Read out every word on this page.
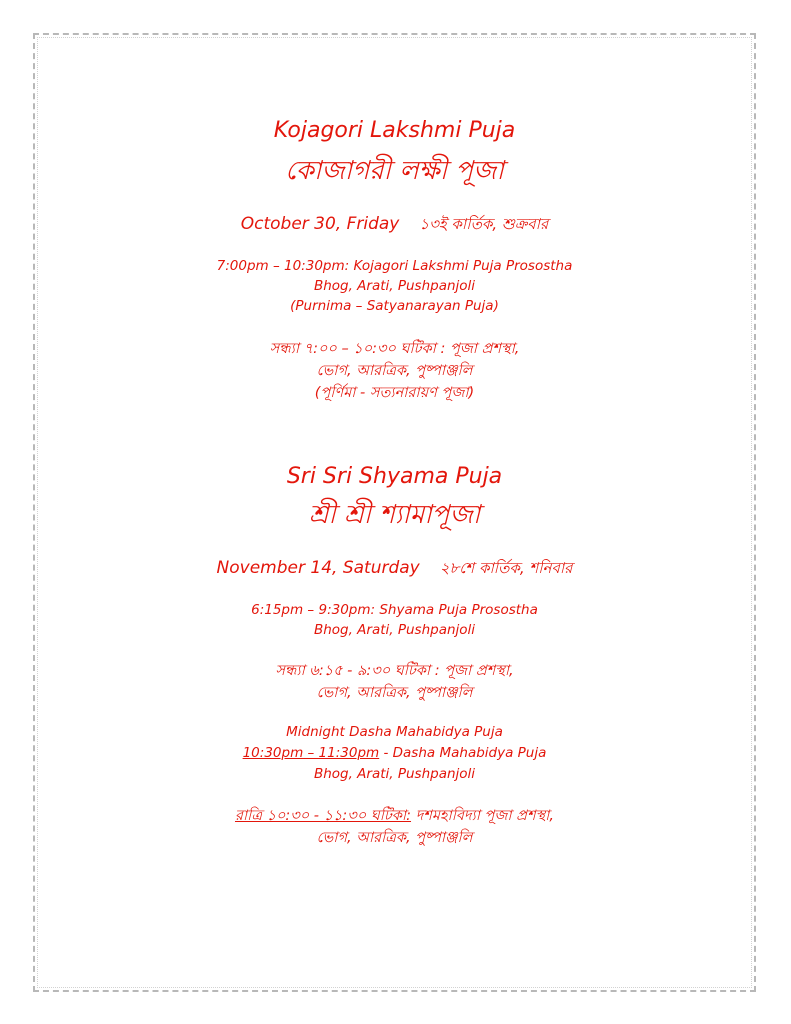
Kojagori Lakshmi Puja
কোজাগরী লক্ষী পূজা
October 30, Friday ১৩ই কার্তিক, শুক্রবার
7:00pm – 10:30pm: Kojagori Lakshmi Puja Prosostha
Bhog, Arati, Pushpanjoli
(Purnima – Satyanarayan Puja)
সন্ধ্যা ৭:০০ – ১০:৩০ ঘটিকা : পূজা প্রশস্থা,
ভোগ, আরত্রিক, পুষ্পাঞ্জলি
(পূর্ণিমা - সত্যনারায়ণ পূজা)
Sri Sri Shyama Puja
শ্রী শ্রী শ্যামাপূজা
November 14, Saturday ২৮শে কার্তিক, শনিবার
6:15pm – 9:30pm: Shyama Puja Prosostha
Bhog, Arati, Pushpanjoli
সন্ধ্যা ৬:১৫ - ৯:৩০ ঘটিকা : পূজা প্রশস্থা,
ভোগ, আরত্রিক, পুষ্পাঞ্জলি
Midnight Dasha Mahabidya Puja
10:30pm – 11:30pm - Dasha Mahabidya Puja
Bhog, Arati, Pushpanjoli
রাত্রি ১০:৩০ - ১১:৩০ ঘটিকা: দশমহাবিদ্যা পূজা প্রশস্থা,
ভোগ, আরত্রিক, পুষ্পাঞ্জলি
